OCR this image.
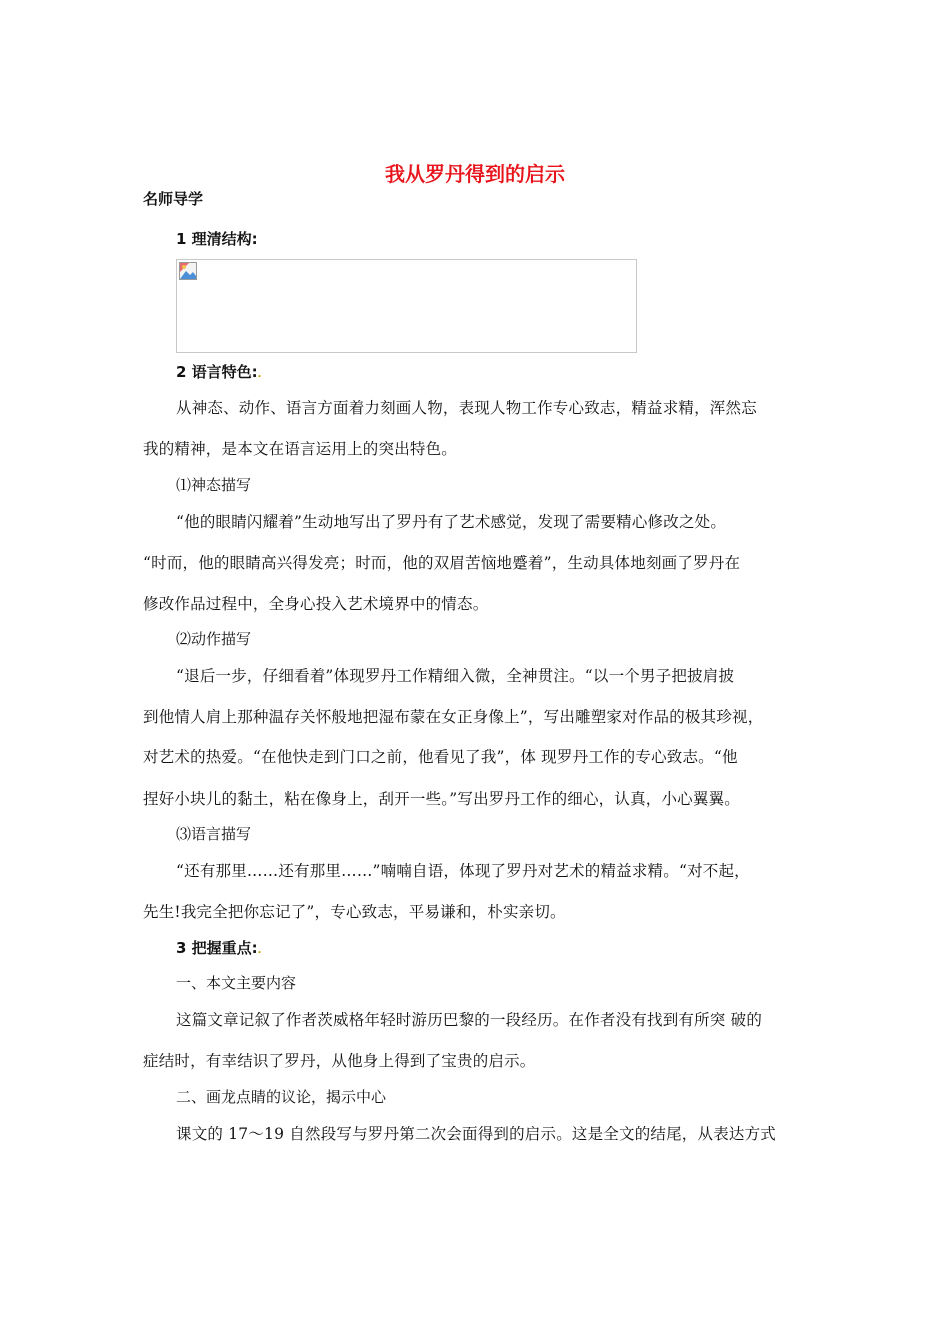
我从罗丹得到的启示
名师导学
1 理清结构:
2 语言特色:.
从神态、动作、语言方面着力刻画人物，表现人物工作专心致志，精益求精，浑然忘
我的精神，是本文在语言运用上的突出特色。
⑴神态描写
“他的眼睛闪耀着”生动地写出了罗丹有了艺术感觉，发现了需要精心修改之处。
“时而，他的眼睛高兴得发亮；时而，他的双眉苦恼地蹙着”，生动具体地刻画了罗丹在
修改作品过程中，全身心投入艺术境界中的情态。
⑵动作描写
“退后一步，仔细看着”体现罗丹工作精细入微，全神贯注。“以一个男子把披肩披
到他情人肩上那种温存关怀般地把湿布蒙在女正身像上”，写出雕塑家对作品的极其珍视，
对艺术的热爱。“在他快走到门口之前，他看见了我”，体 现罗丹工作的专心致志。“他
捏好小块儿的黏土，粘在像身上，刮开一些。”写出罗丹工作的细心，认真，小心翼翼。
⑶语言描写
“还有那里……还有那里……”喃喃自语，体现了罗丹对艺术的精益求精。“对不起，
先生!我完全把你忘记了”，专心致志，平易谦和，朴实亲切。
3 把握重点:.
一、本文主要内容
这篇文章记叙了作者茨威格年轻时游历巴黎的一段经历。在作者没有找到有所突 破的
症结时，有幸结识了罗丹，从他身上得到了宝贵的启示。
二、画龙点睛的议论，揭示中心
课文的 17～19 自然段写与罗丹第二次会面得到的启示。这是全文的结尾，从表达方式
